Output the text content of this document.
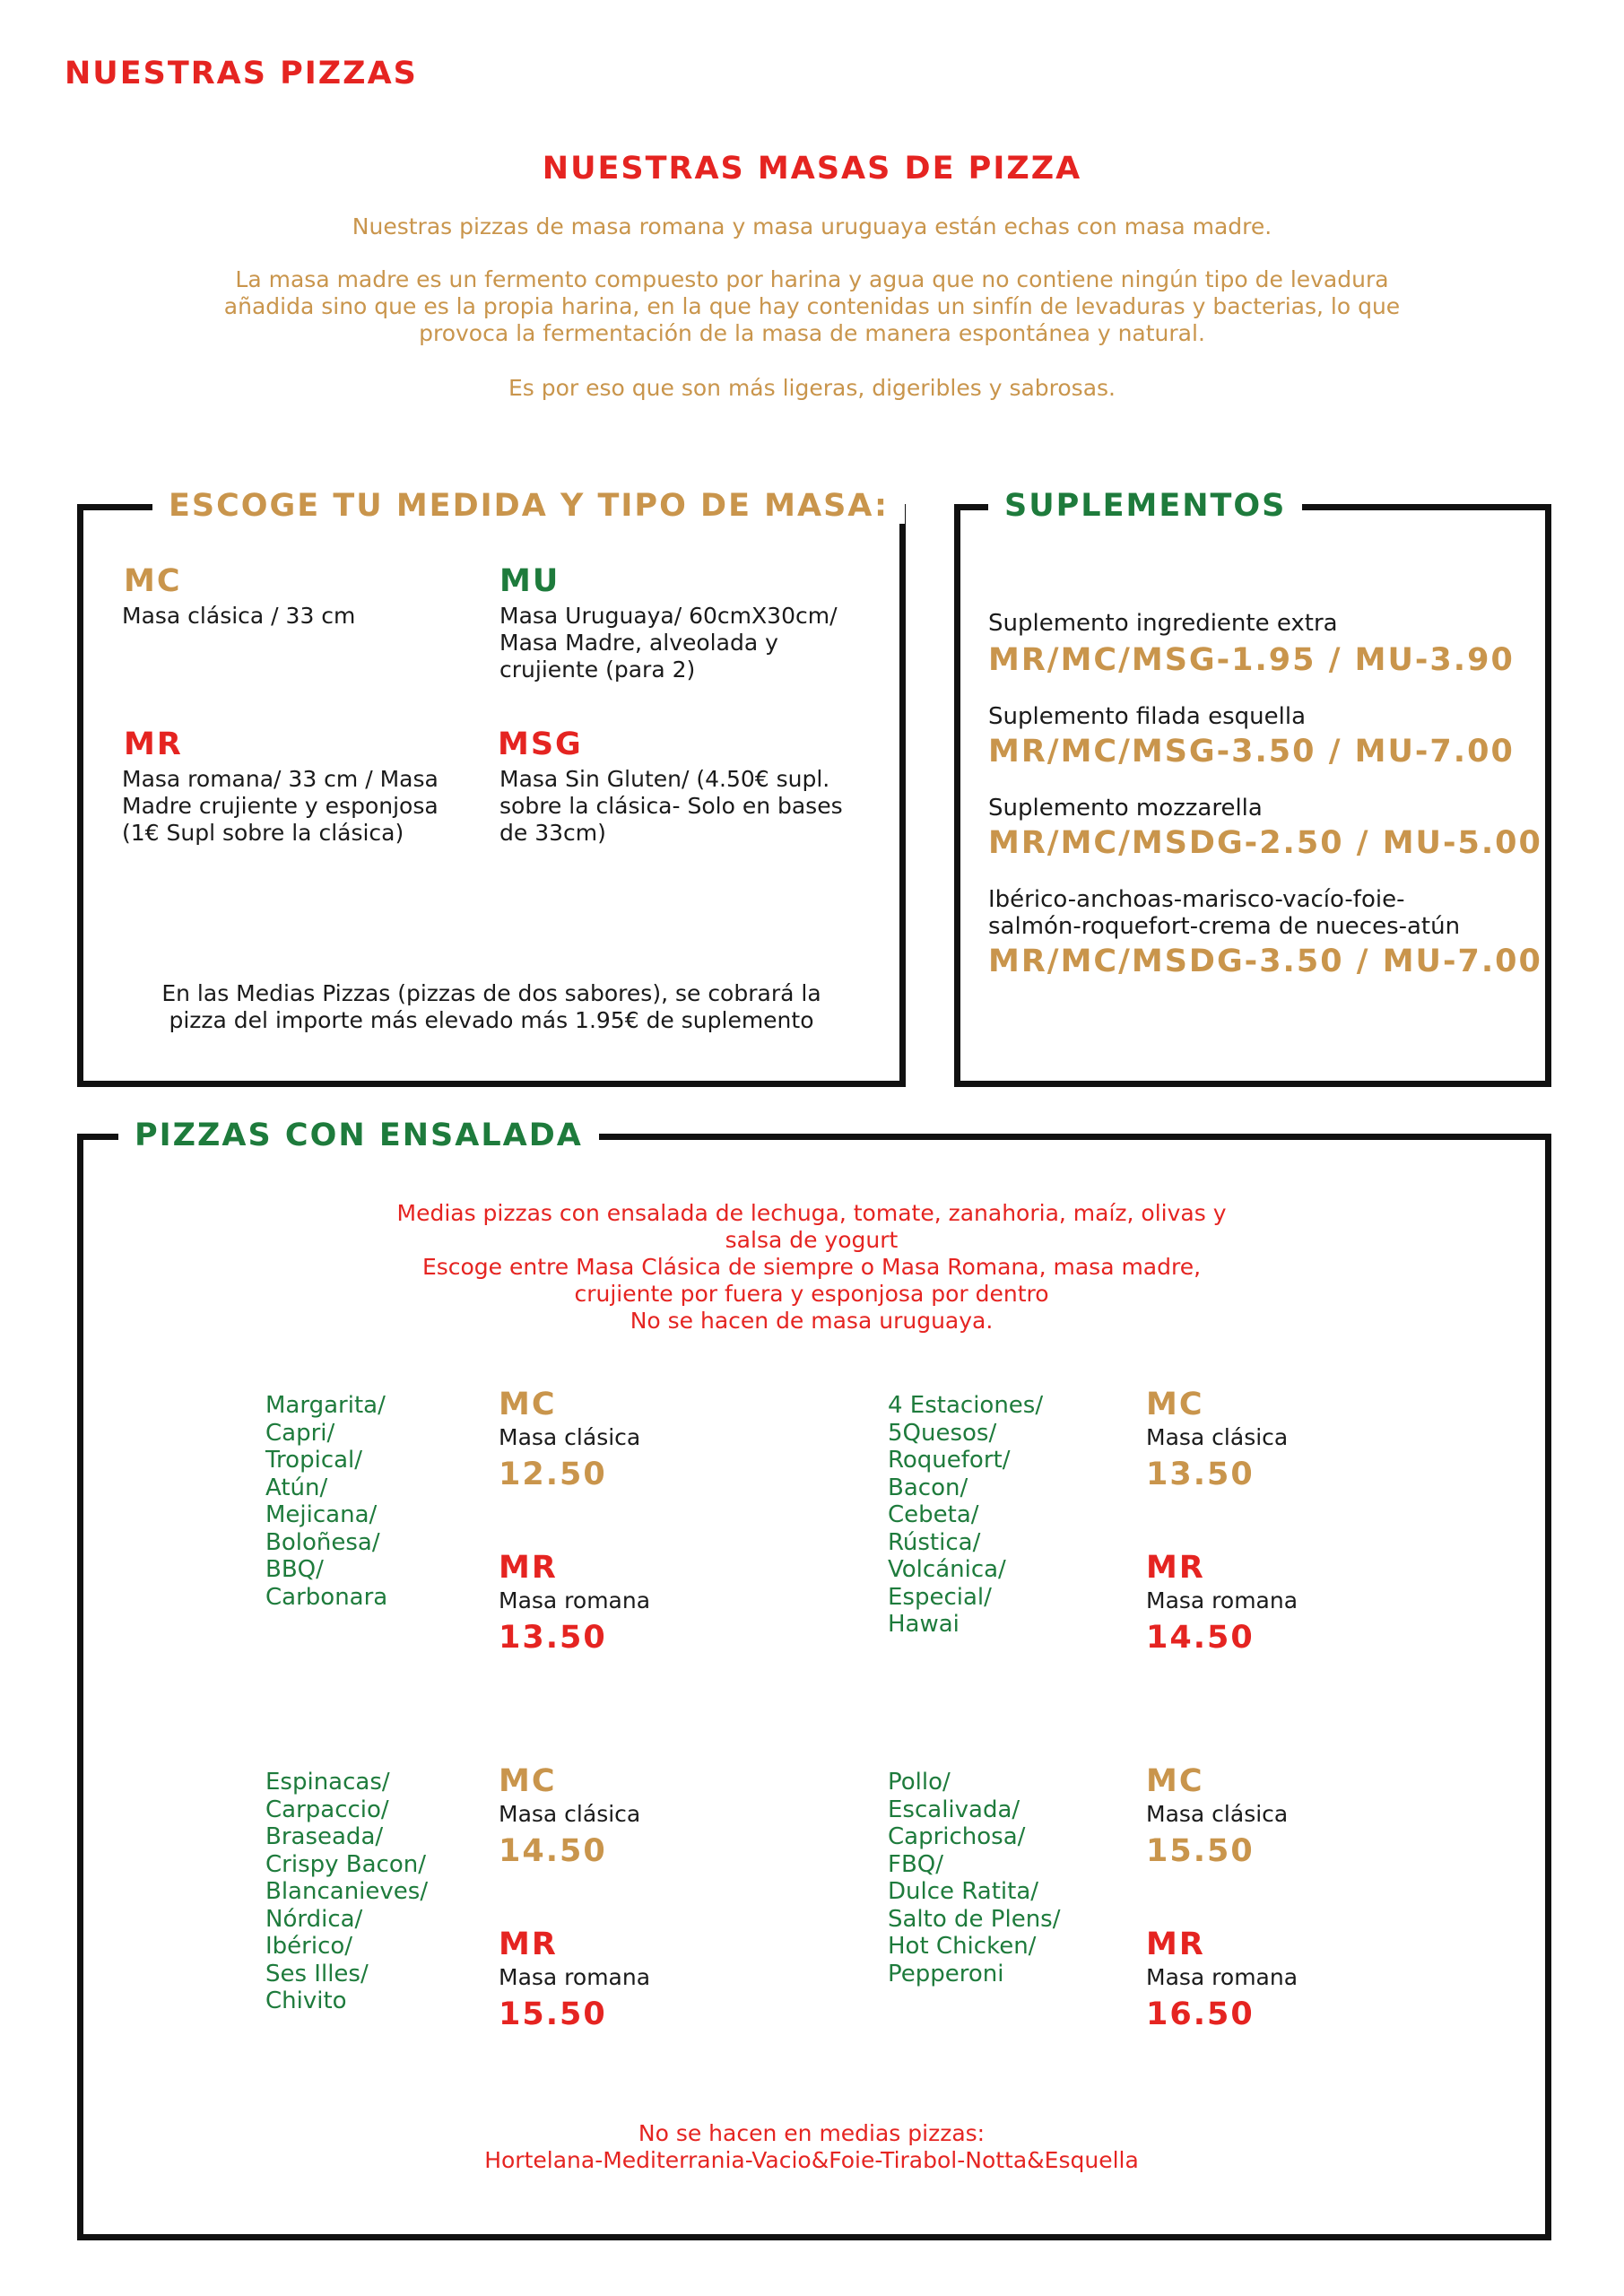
NUESTRAS PIZZAS
NUESTRAS MASAS DE PIZZA
Nuestras pizzas de masa romana y masa uruguaya están echas con masa madre.
La masa madre es un fermento compuesto por harina y agua que no contiene ningún tipo de levadura
añadida sino que es la propia harina, en la que hay contenidas un sinfín de levaduras y bacterias, lo que
provoca la fermentación de la masa de manera espontánea y natural.
Es por eso que son más ligeras, digeribles y sabrosas.
ESCOGE TU MEDIDA Y TIPO DE MASA:
MC
Masa clásica / 33 cm
MU
Masa Uruguaya/ 60cmX30cm/
Masa Madre, alveolada y
crujiente (para 2)
MR
Masa romana/ 33 cm / Masa
Madre crujiente y esponjosa
(1€ Supl sobre la clásica)
MSG
Masa Sin Gluten/ (4.50€ supl.
sobre la clásica- Solo en bases
de 33cm)
En las Medias Pizzas (pizzas de dos sabores), se cobrará la
pizza del importe más elevado más 1.95€ de suplemento
SUPLEMENTOS
Suplemento ingrediente extra
MR/MC/MSG-1.95 / MU-3.90
Suplemento filada esquella
MR/MC/MSG-3.50 / MU-7.00
Suplemento mozzarella
MR/MC/MSDG-2.50 / MU-5.00
Ibérico-anchoas-marisco-vacío-foie-
salmón-roquefort-crema de nueces-atún
MR/MC/MSDG-3.50 / MU-7.00
PIZZAS CON ENSALADA
Medias pizzas con ensalada de lechuga, tomate, zanahoria, maíz, olivas y
salsa de yogurt
Escoge entre Masa Clásica de siempre o Masa Romana, masa madre,
crujiente por fuera y esponjosa por dentro
No se hacen de masa uruguaya.
Margarita/
Capri/
Tropical/
Atún/
Mejicana/
Boloñesa/
BBQ/
Carbonara
MC
Masa clásica
12.50
MR
Masa romana
13.50
4 Estaciones/
5Quesos/
Roquefort/
Bacon/
Cebeta/
Rústica/
Volcánica/
Especial/
Hawai
MC
Masa clásica
13.50
MR
Masa romana
14.50
Espinacas/
Carpaccio/
Braseada/
Crispy Bacon/
Blancanieves/
Nórdica/
Ibérico/
Ses Illes/
Chivito
MC
Masa clásica
14.50
MR
Masa romana
15.50
Pollo/
Escalivada/
Caprichosa/
FBQ/
Dulce Ratita/
Salto de Plens/
Hot Chicken/
Pepperoni
MC
Masa clásica
15.50
MR
Masa romana
16.50
No se hacen en medias pizzas:
Hortelana-Mediterrania-Vacio&Foie-Tirabol-Notta&Esquella
